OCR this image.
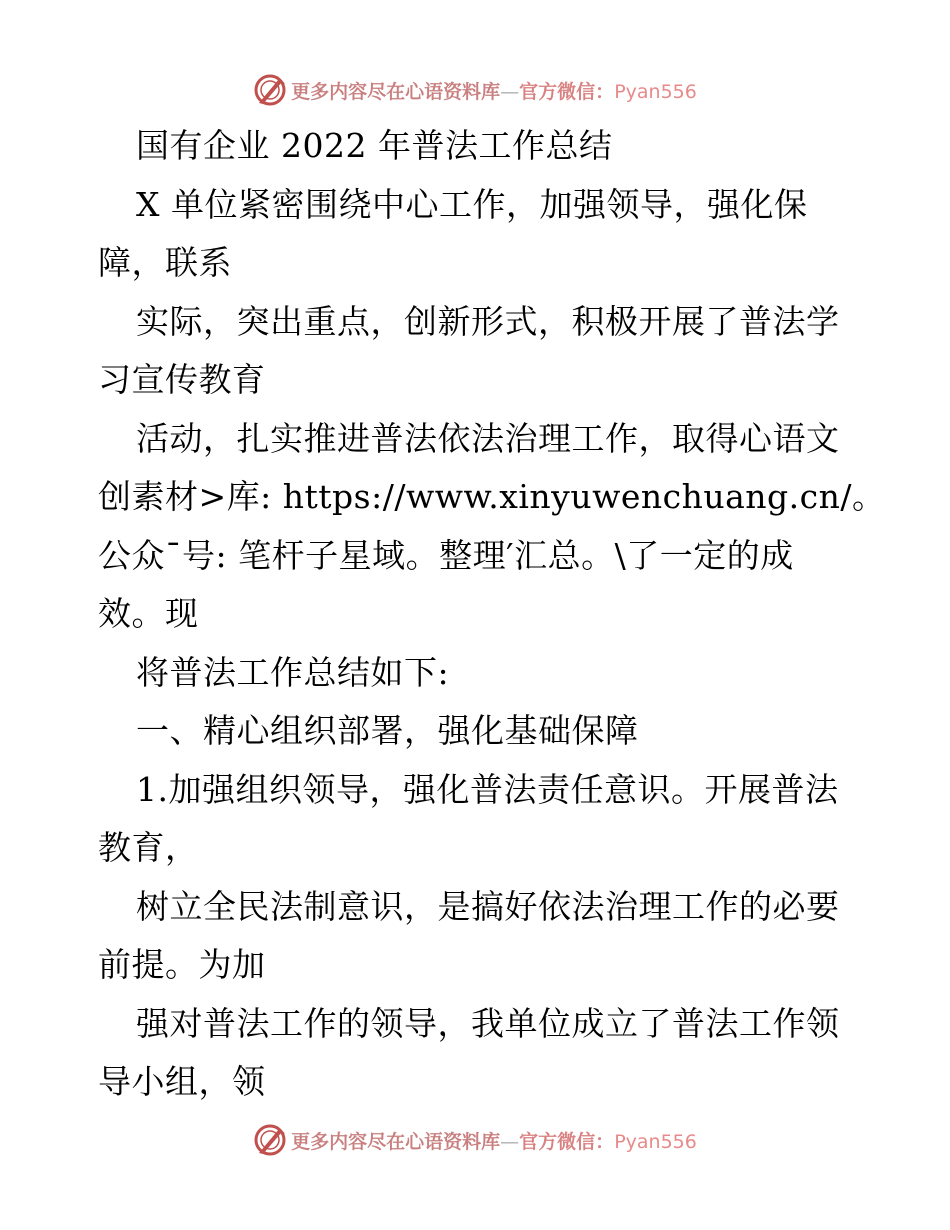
更多内容尽在心语资料库—官方微信：Pyan556
国有企业 2022 年普法工作总结
X 单位紧密围绕中心工作，加强领导，强化保
障，联系
实际，突出重点，创新形式，积极开展了普法学
习宣传教育
活动，扎实推进普法依法治理工作，取得心语文
创素材>库: https://www.xinyuwenchuang.cn/。
公众¯号: 笔杆子星域。整理′汇总。\了一定的成
效。现
将普法工作总结如下:
一、精心组织部署，强化基础保障
1.加强组织领导，强化普法责任意识。开展普法
教育，
树立全民法制意识，是搞好依法治理工作的必要
前提。为加
强对普法工作的领导，我单位成立了普法工作领
导小组，领
更多内容尽在心语资料库—官方微信：Pyan556
